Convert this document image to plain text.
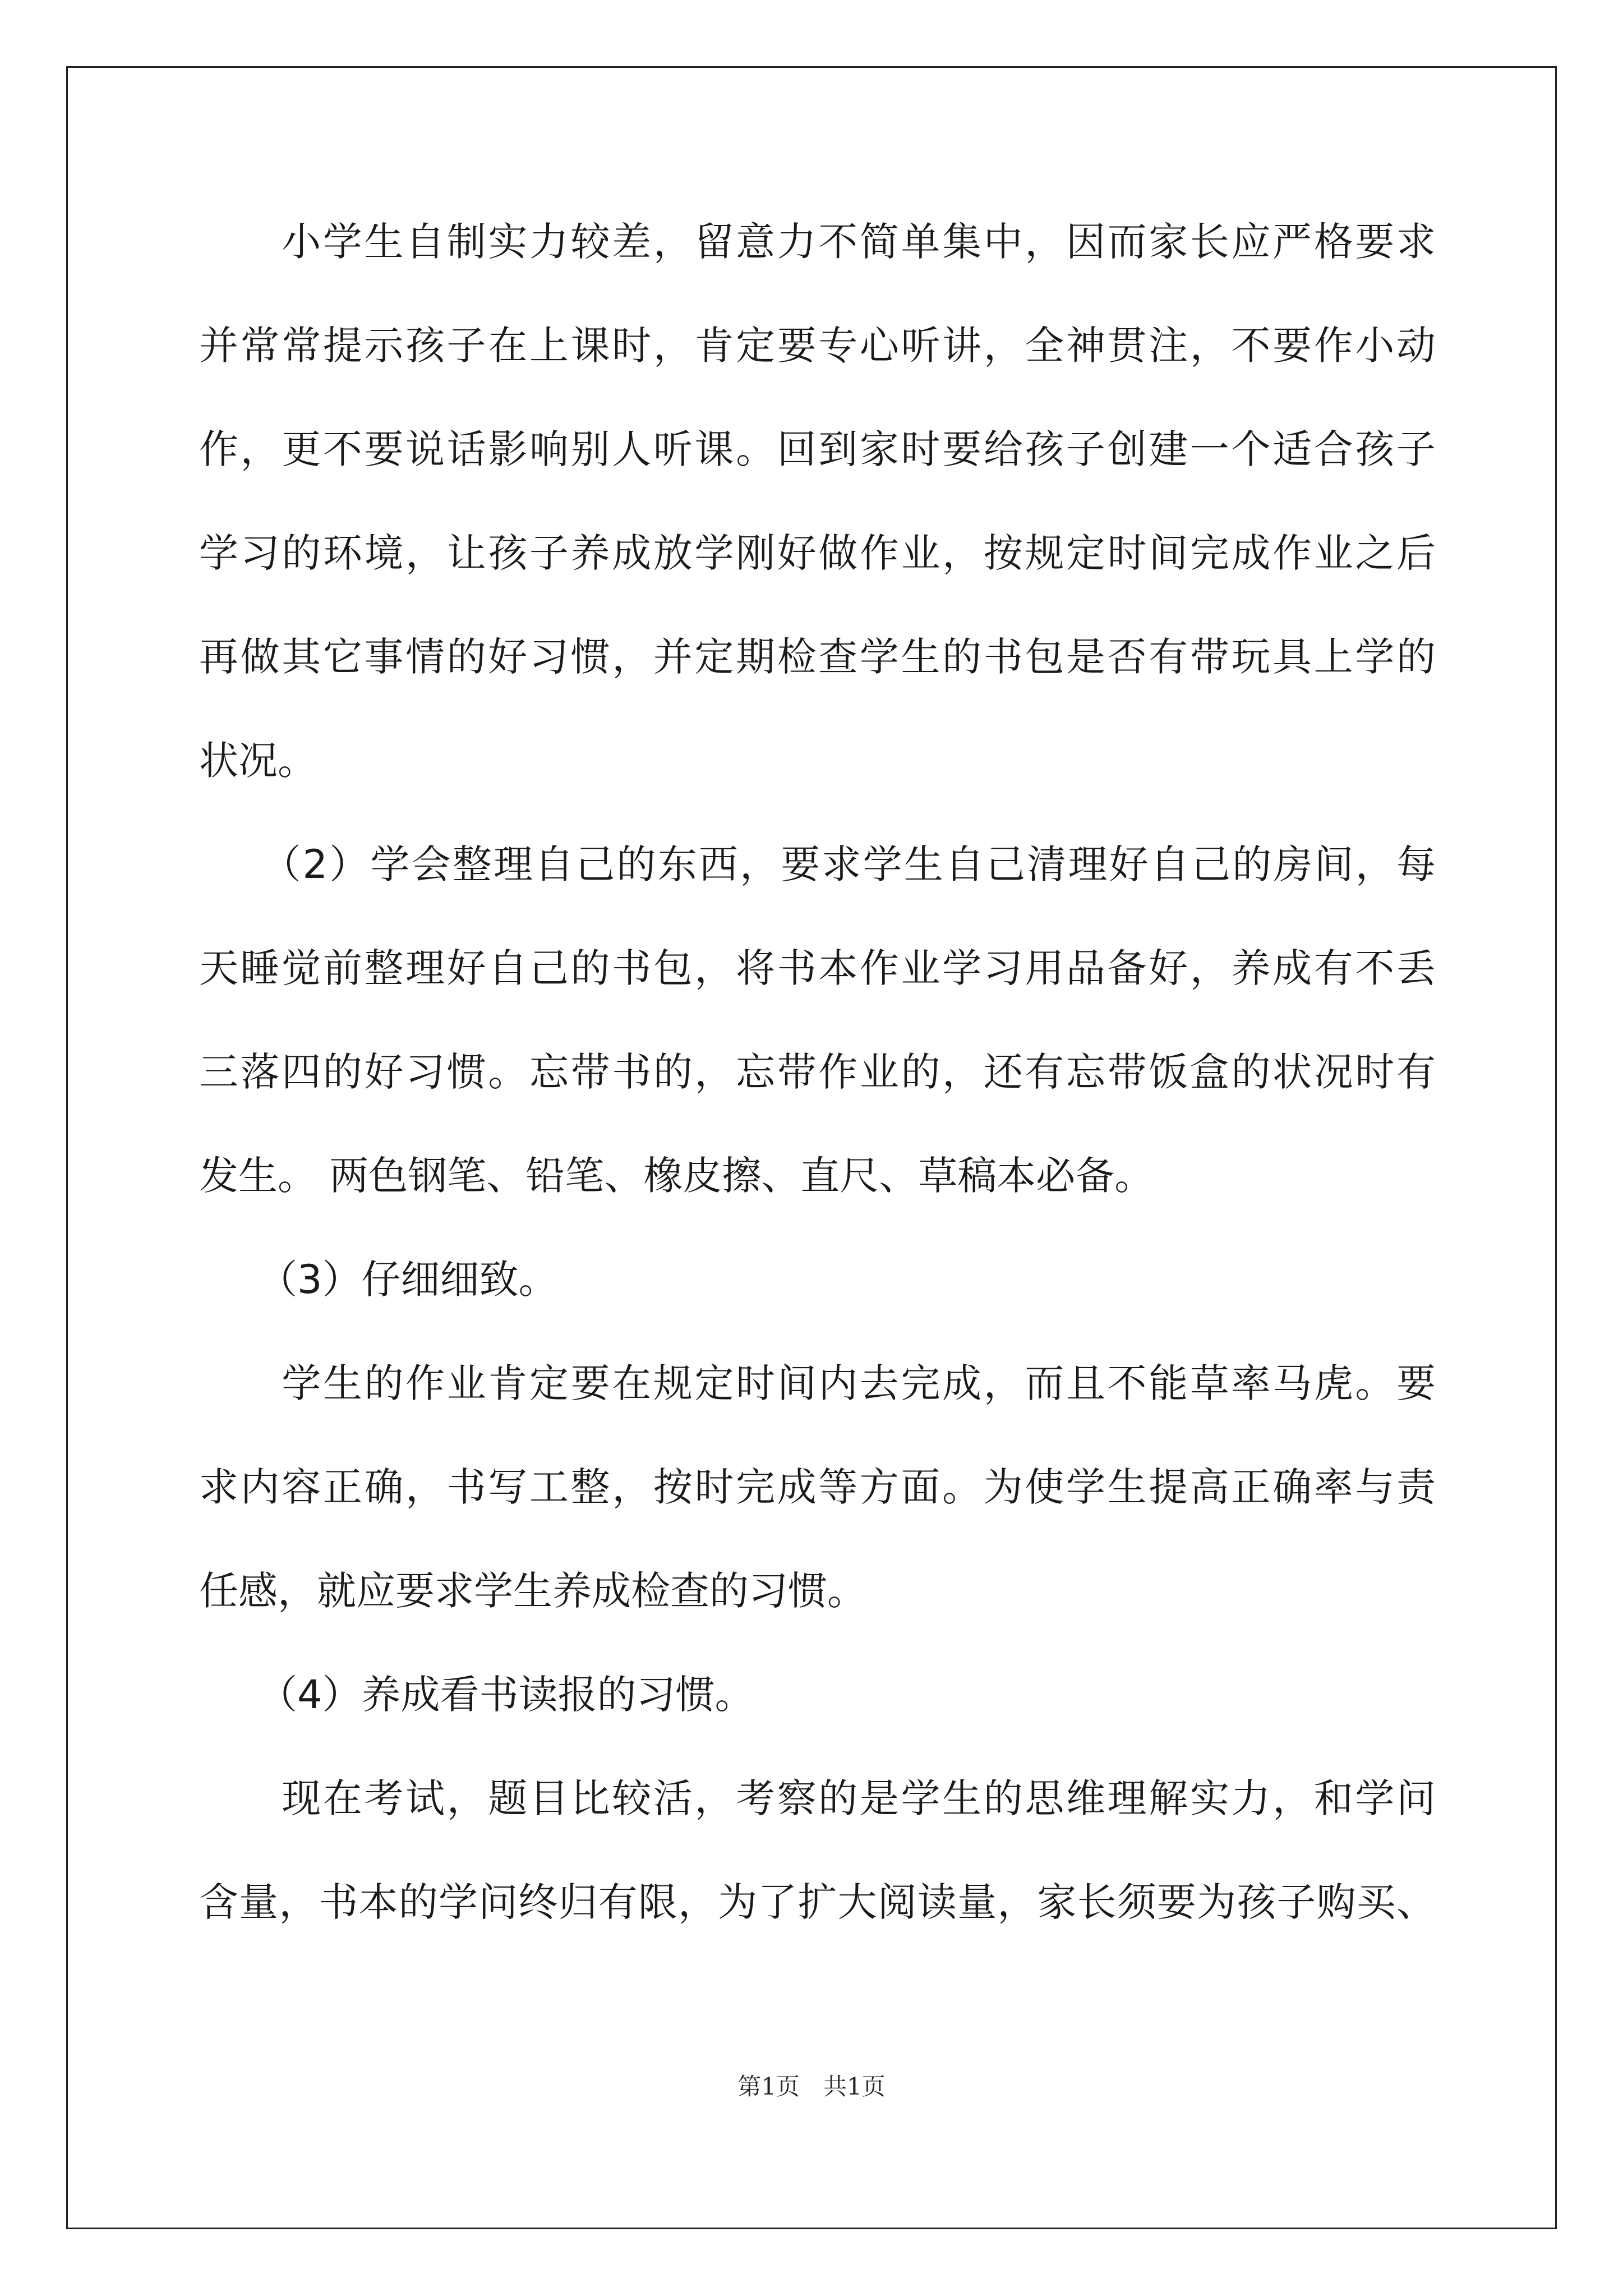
　　小学生自制实力较差，留意力不简单集中，因而家长应严格要求
并常常提示孩子在上课时，肯定要专心听讲，全神贯注，不要作小动
作，更不要说话影响别人听课。回到家时要给孩子创建一个适合孩子
学习的环境，让孩子养成放学刚好做作业，按规定时间完成作业之后
再做其它事情的好习惯，并定期检查学生的书包是否有带玩具上学的
状况。
　　（2）学会整理自己的东西，要求学生自己清理好自己的房间，每
天睡觉前整理好自己的书包，将书本作业学习用品备好，养成有不丢
三落四的好习惯。忘带书的，忘带作业的，还有忘带饭盒的状况时有
发生。 两色钢笔、铅笔、橡皮擦、直尺、草稿本必备。
　　（3）仔细细致。
　　学生的作业肯定要在规定时间内去完成，而且不能草率马虎。要
求内容正确，书写工整，按时完成等方面。为使学生提高正确率与责
任感，就应要求学生养成检查的习惯。
　　（4）养成看书读报的习惯。
　　现在考试，题目比较活，考察的是学生的思维理解实力，和学问
含量，书本的学问终归有限，为了扩大阅读量，家长须要为孩子购买、
第1页　共1页
